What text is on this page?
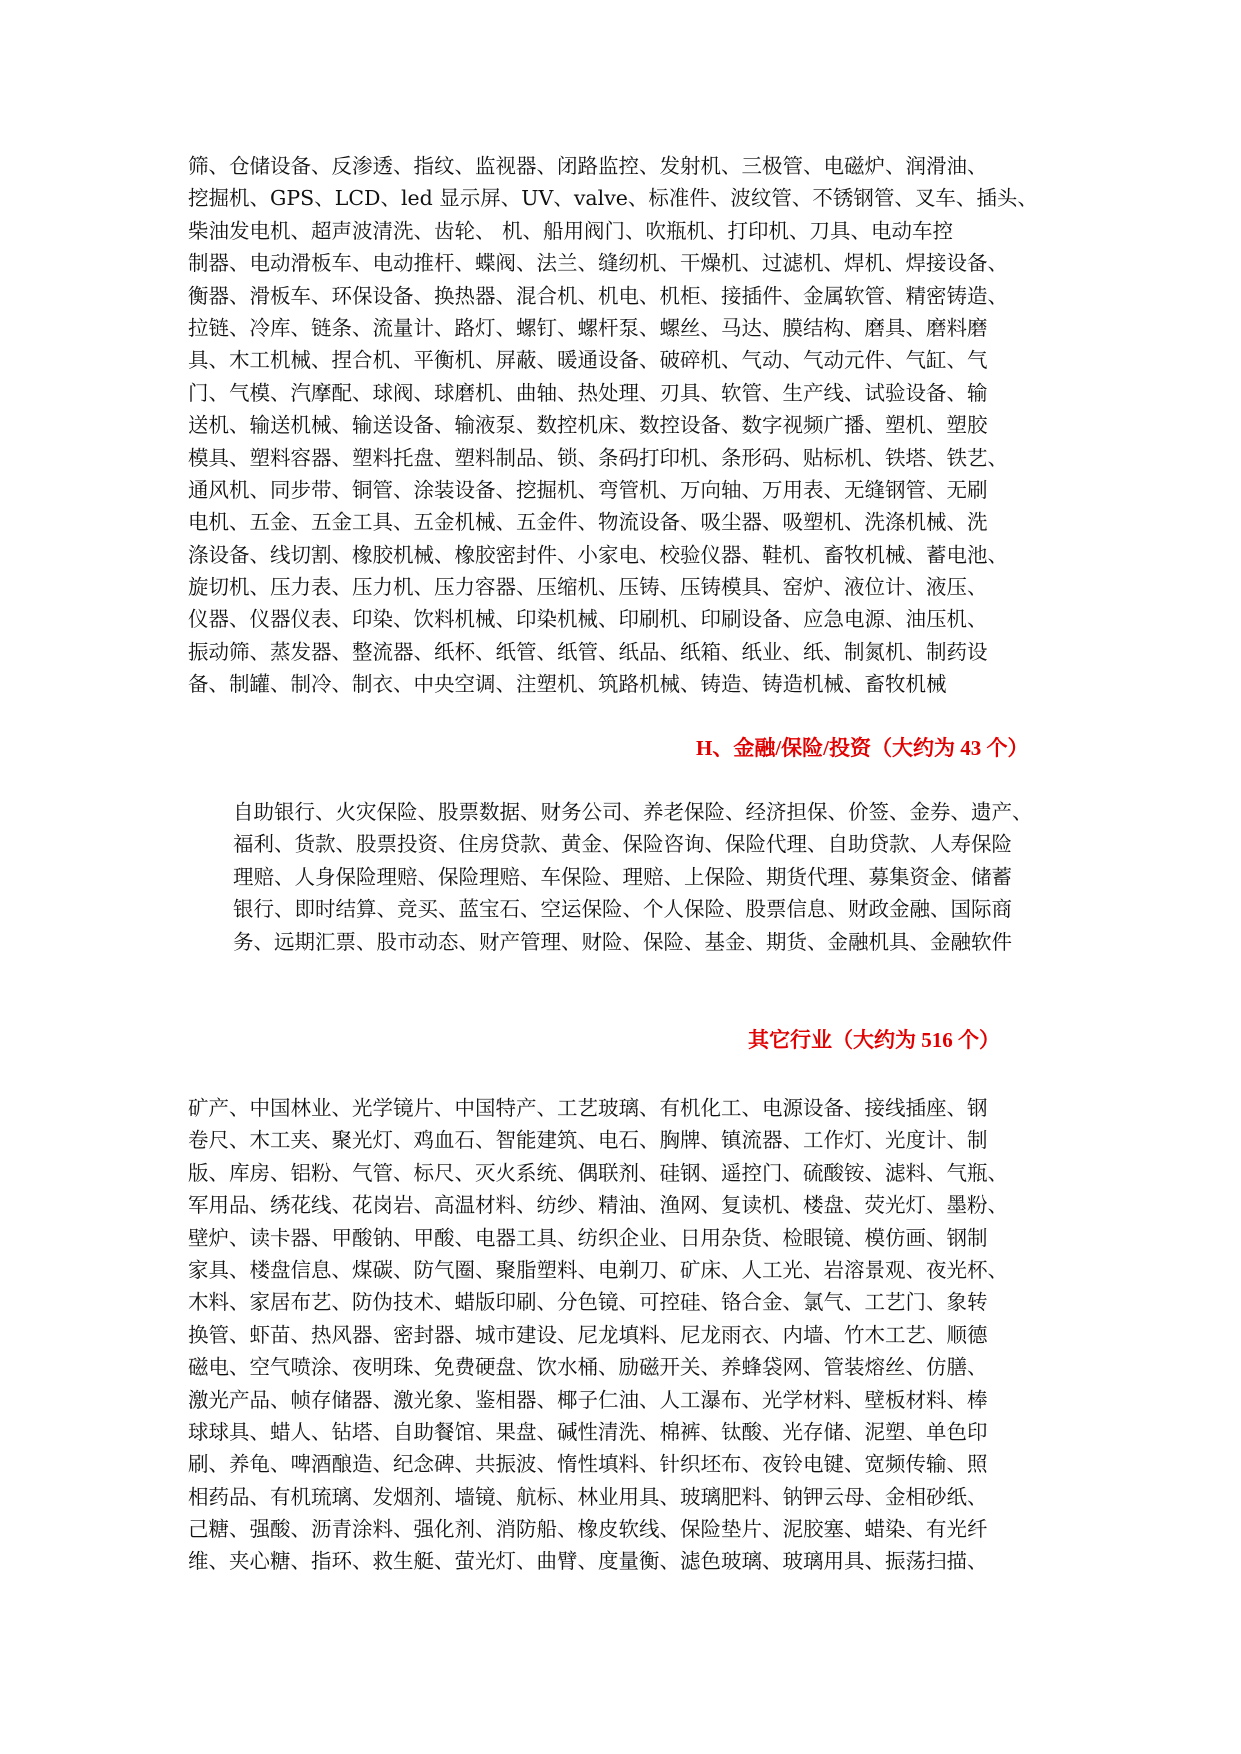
筛、仓储设备、反渗透、指纹、监视器、闭路监控、发射机、三极管、电磁炉、润滑油、
挖掘机、GPS、LCD、led 显示屏、UV、valve、标准件、波纹管、不锈钢管、叉车、插头、
柴油发电机、超声波清洗、齿轮、 机、船用阀门、吹瓶机、打印机、刀具、电动车控
制器、电动滑板车、电动推杆、蝶阀、法兰、缝纫机、干燥机、过滤机、焊机、焊接设备、
衡器、滑板车、环保设备、换热器、混合机、机电、机柜、接插件、金属软管、精密铸造、
拉链、冷库、链条、流量计、路灯、螺钉、螺杆泵、螺丝、马达、膜结构、磨具、磨料磨
具、木工机械、捏合机、平衡机、屏蔽、暖通设备、破碎机、气动、气动元件、气缸、气
门、气模、汽摩配、球阀、球磨机、曲轴、热处理、刃具、软管、生产线、试验设备、输
送机、输送机械、输送设备、输液泵、数控机床、数控设备、数字视频广播、塑机、塑胶
模具、塑料容器、塑料托盘、塑料制品、锁、条码打印机、条形码、贴标机、铁塔、铁艺、
通风机、同步带、铜管、涂装设备、挖掘机、弯管机、万向轴、万用表、无缝钢管、无刷
电机、五金、五金工具、五金机械、五金件、物流设备、吸尘器、吸塑机、洗涤机械、洗
涤设备、线切割、橡胶机械、橡胶密封件、小家电、校验仪器、鞋机、畜牧机械、蓄电池、
旋切机、压力表、压力机、压力容器、压缩机、压铸、压铸模具、窑炉、液位计、液压、
仪器、仪器仪表、印染、饮料机械、印染机械、印刷机、印刷设备、应急电源、油压机、
振动筛、蒸发器、整流器、纸杯、纸管、纸管、纸品、纸箱、纸业、纸、制氮机、制药设
备、制罐、制冷、制衣、中央空调、注塑机、筑路机械、铸造、铸造机械、畜牧机械
H、金融/保险/投资（大约为 43 个）
自助银行、火灾保险、股票数据、财务公司、养老保险、经济担保、价签、金券、遗产、
福利、货款、股票投资、住房贷款、黄金、保险咨询、保险代理、自助贷款、人寿保险
理赔、人身保险理赔、保险理赔、车保险、理赔、上保险、期货代理、募集资金、储蓄
银行、即时结算、竞买、蓝宝石、空运保险、个人保险、股票信息、财政金融、国际商
务、远期汇票、股市动态、财产管理、财险、保险、基金、期货、金融机具、金融软件
其它行业（大约为 516 个）
矿产、中国林业、光学镜片、中国特产、工艺玻璃、有机化工、电源设备、接线插座、钢
卷尺、木工夹、聚光灯、鸡血石、智能建筑、电石、胸牌、镇流器、工作灯、光度计、制
版、库房、铝粉、气管、标尺、灭火系统、偶联剂、硅钢、遥控门、硫酸铵、滤料、气瓶、
军用品、绣花线、花岗岩、高温材料、纺纱、精油、渔网、复读机、楼盘、荧光灯、墨粉、
壁炉、读卡器、甲酸钠、甲酸、电器工具、纺织企业、日用杂货、检眼镜、模仿画、钢制
家具、楼盘信息、煤碳、防气圈、聚脂塑料、电剃刀、矿床、人工光、岩溶景观、夜光杯、
木料、家居布艺、防伪技术、蜡版印刷、分色镜、可控硅、铬合金、氯气、工艺门、象转
换管、虾苗、热风器、密封器、城市建设、尼龙填料、尼龙雨衣、内墙、竹木工艺、顺德
磁电、空气喷涂、夜明珠、免费硬盘、饮水桶、励磁开关、养蜂袋网、管装熔丝、仿膳、
激光产品、帧存储器、激光象、鉴相器、椰子仁油、人工瀑布、光学材料、壁板材料、棒
球球具、蜡人、钻塔、自助餐馆、果盘、碱性清洗、棉裤、钛酸、光存储、泥塑、单色印
刷、养龟、啤酒酿造、纪念碑、共振波、惰性填料、针织坯布、夜铃电键、宽频传输、照
相药品、有机琉璃、发烟剂、墙镜、航标、林业用具、玻璃肥料、钠钾云母、金相砂纸、
己糖、强酸、沥青涂料、强化剂、消防船、橡皮软线、保险垫片、泥胶塞、蜡染、有光纤
维、夹心糖、指环、救生艇、萤光灯、曲臂、度量衡、滤色玻璃、玻璃用具、振荡扫描、
